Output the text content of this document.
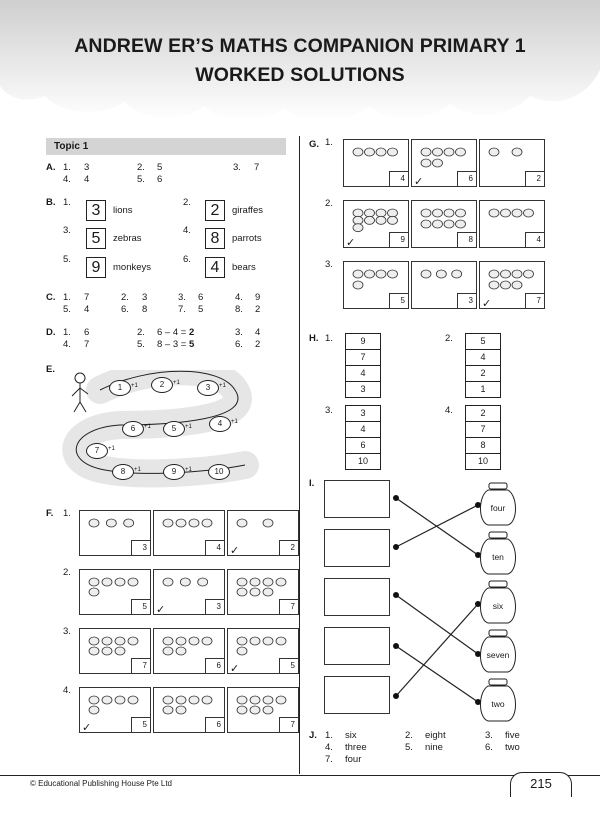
ANDREW ER’S MATHS COMPANION PRIMARY 1
WORKED SOLUTIONS
Topic 1
A. 1. 3	2. 5	3. 7
4. 4	5. 6
B. 1.	3	lions
2.	2	giraffes
3.	5	zebras
4.	8	parrots
5.	9	monkeys
6.	4	bears
C. 1. 7	2. 3	3. 6	4. 9
5. 4	6. 8	7. 5	8. 2
D. 1. 6	2. 6 – 4 = 2	3. 4
4. 7	5. 8 – 3 = 5	6. 2
E.
1	+1	2	+1	3	+1
4	+1
5	+1
6	+1
7	+1
8	+1	9	+1	10
F. 1.
3	4	2
✓
2.
5	3
✓	7
3.
7	6	5
✓
4.
5
✓	6	7
G. 1.
4	6
✓	2
2.
9
✓	8	4
3.
5	3	7
✓
H. 1.	9
7
4
3
2.	5
4
2
1
3.	3
4
6
10
4.	2
7
8
10
I.
four
ten
six
seven
two
J. 1. six	2. eight	3. five
4. three	5. nine	6. two
7. four
215
© Educational Publishing House Pte Ltd
